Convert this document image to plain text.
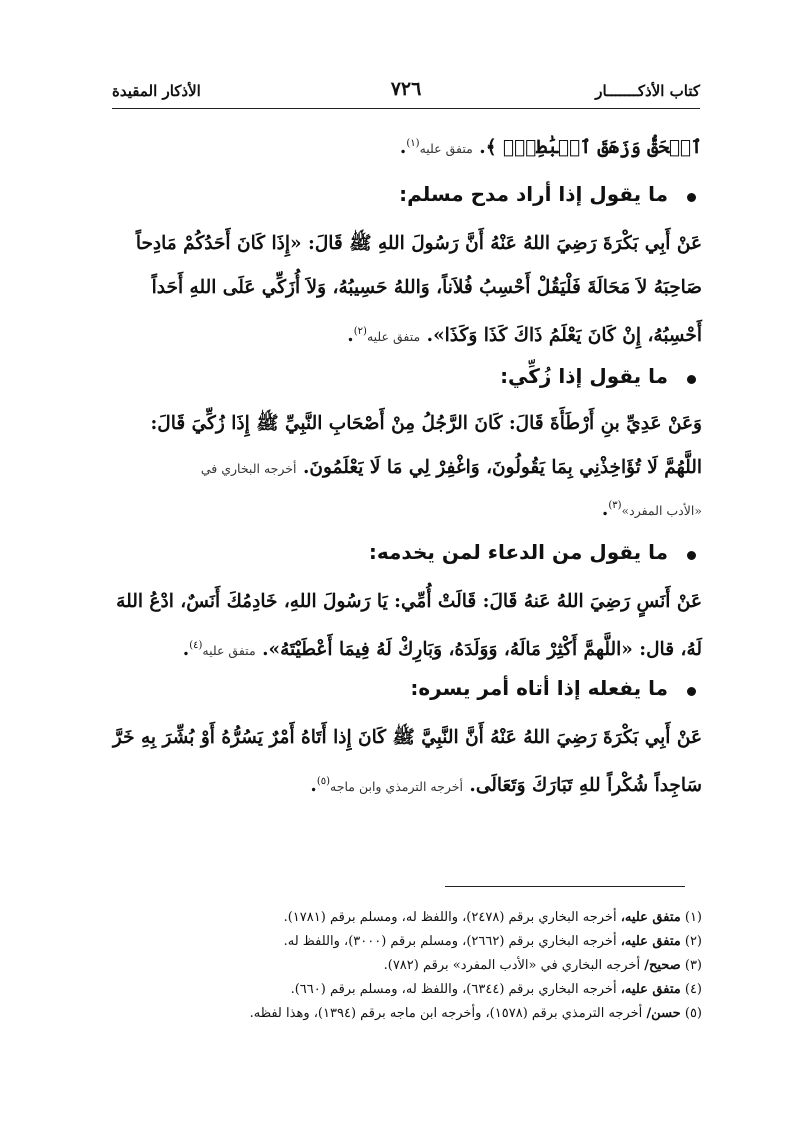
كتاب الأذكـــــــار
٧٢٦
الأذكار المقيدة
ٱلۡحَقُّ وَزَهَقَ ٱلۡبَٰطِلُۚ ﴾. متفق عليه$^{(١)}$.
ما يقول إذا أراد مدح مسلم:
عَنْ أَبِي بَكْرَةَ رَضِيَ اللهُ عَنْهُ أَنَّ رَسُولَ اللهِ ﷺ قَالَ: «إِذَا كَانَ أَحَدُكُمْ مَادِحاً
صَاحِبَهُ لاَ مَحَالَةَ فَلْيَقُلْ أَحْسِبُ فُلاَناً، وَاللهُ حَسِيبُهُ، وَلاَ أُزَكِّي عَلَى اللهِ أَحَداً
أَحْسِبُهُ، إِنْ كَانَ يَعْلَمُ ذَاكَ كَذَا وَكَذَا». متفق عليه$^{(٢)}$.
ما يقول إذا زُكِّي:
وَعَنْ عَدِيِّ بنِ أَرْطَأَةَ قَالَ: كَانَ الرَّجُلُ مِنْ أَصْحَابِ النَّبِيِّ ﷺ إِذَا زُكِّيَ قَالَ:
اللَّهُمَّ لَا تُؤَاخِذْنِي بِمَا يَقُولُونَ، وَاغْفِرْ لِي مَا لَا يَعْلَمُونَ. أخرجه البخاري في
«الأدب المفرد»$^{(٣)}$.
ما يقول من الدعاء لمن يخدمه:
عَنْ أَنَسٍ رَضِيَ اللهُ عَنهُ قَالَ: قَالَتْ أُمِّي: يَا رَسُولَ اللهِ، خَادِمُكَ أَنَسٌ، ادْعُ اللهَ
لَهُ، قال: «اللَّهمَّ أَكْثِرْ مَالَهُ، وَوَلَدَهُ، وَبَارِكْ لَهُ فِيمَا أَعْطَيْتَهُ». متفق عليه$^{(٤)}$.
ما يفعله إذا أتاه أمر يسره:
عَنْ أَبِي بَكْرَةَ رَضِيَ اللهُ عَنْهُ أَنَّ النَّبِيَّ ﷺ كَانَ إِذا أَتَاهُ أَمْرٌ يَسُرُّهُ أَوْ بُشِّرَ بِهِ خَرَّ
سَاجِداً شُكْراً للهِ تَبَارَكَ وَتَعَالَى. أخرجه الترمذي وابن ماجه$^{(٥)}$.
(١) متفق عليه، أخرجه البخاري برقم (٢٤٧٨)، واللفظ له، ومسلم برقم (١٧٨١).
(٢) متفق عليه، أخرجه البخاري برقم (٢٦٦٢)، ومسلم برقم (٣٠٠٠)، واللفظ له.
(٣) صحيح/ أخرجه البخاري في «الأدب المفرد» برقم (٧٨٢).
(٤) متفق عليه، أخرجه البخاري برقم (٦٣٤٤)، واللفظ له، ومسلم برقم (٦٦٠).
(٥) حسن/ أخرجه الترمذي برقم (١٥٧٨)، وأخرجه ابن ماجه برقم (١٣٩٤)، وهذا لفظه.
